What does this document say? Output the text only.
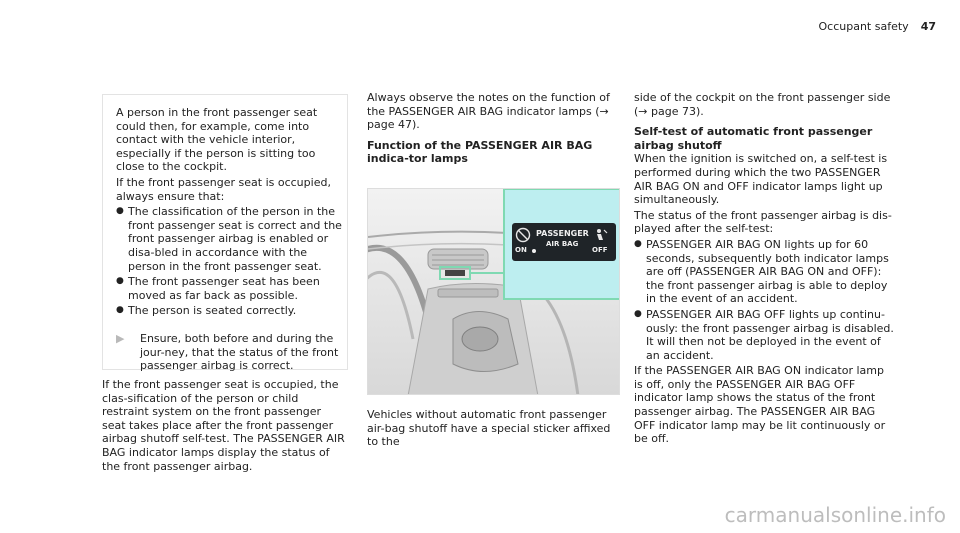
Occupant safety 47

A person in the front passenger seat could then, for example, come into contact with the vehicle interior, especially if the person is sitting too close to the cockpit.

If the front passenger seat is occupied, always ensure that:

● The classification of the person in the front passenger seat is correct and the front passenger airbag is enabled or disa-bled in accordance with the person in the front passenger seat.
● The front passenger seat has been moved as far back as possible.
● The person is seated correctly.
▶	Ensure, both before and during the jour-ney, that the status of the front passenger airbag is correct.
If the front passenger seat is occupied, the clas-sification of the person or child restraint system on the front passenger seat takes place after the front passenger airbag shutoff self-test. The PASSENGER AIR BAG indicator lamps display the status of the front passenger airbag.

Always observe the notes on the function of the PASSENGER AIR BAG indicator lamps (→ page 47).

Function of the PASSENGER AIR BAG indica-tor lamps

PASSENGER
AIR BAG
ON	OFF
Vehicles without automatic front passenger air-bag shutoff have a special sticker affixed to the

side of the cockpit on the front passenger side (→ page 73).

Self-test of automatic front passenger airbag shutoff

When the ignition is switched on, a self-test is performed during which the two PASSENGER AIR BAG ON and OFF indicator lamps light up simultaneously.

The status of the front passenger airbag is dis-played after the self-test:

● PASSENGER AIR BAG ON lights up for 60 seconds, subsequently both indicator lamps are off (PASSENGER AIR BAG ON and OFF): the front passenger airbag is able to deploy in the event of an accident.
● PASSENGER AIR BAG OFF lights up continu-ously: the front passenger airbag is disabled. It will then not be deployed in the event of an accident.

If the PASSENGER AIR BAG ON indicator lamp is off, only the PASSENGER AIR BAG OFF indicator lamp shows the status of the front passenger airbag. The PASSENGER AIR BAG OFF indicator lamp may be lit continuously or be off.

carmanualsonline.info
